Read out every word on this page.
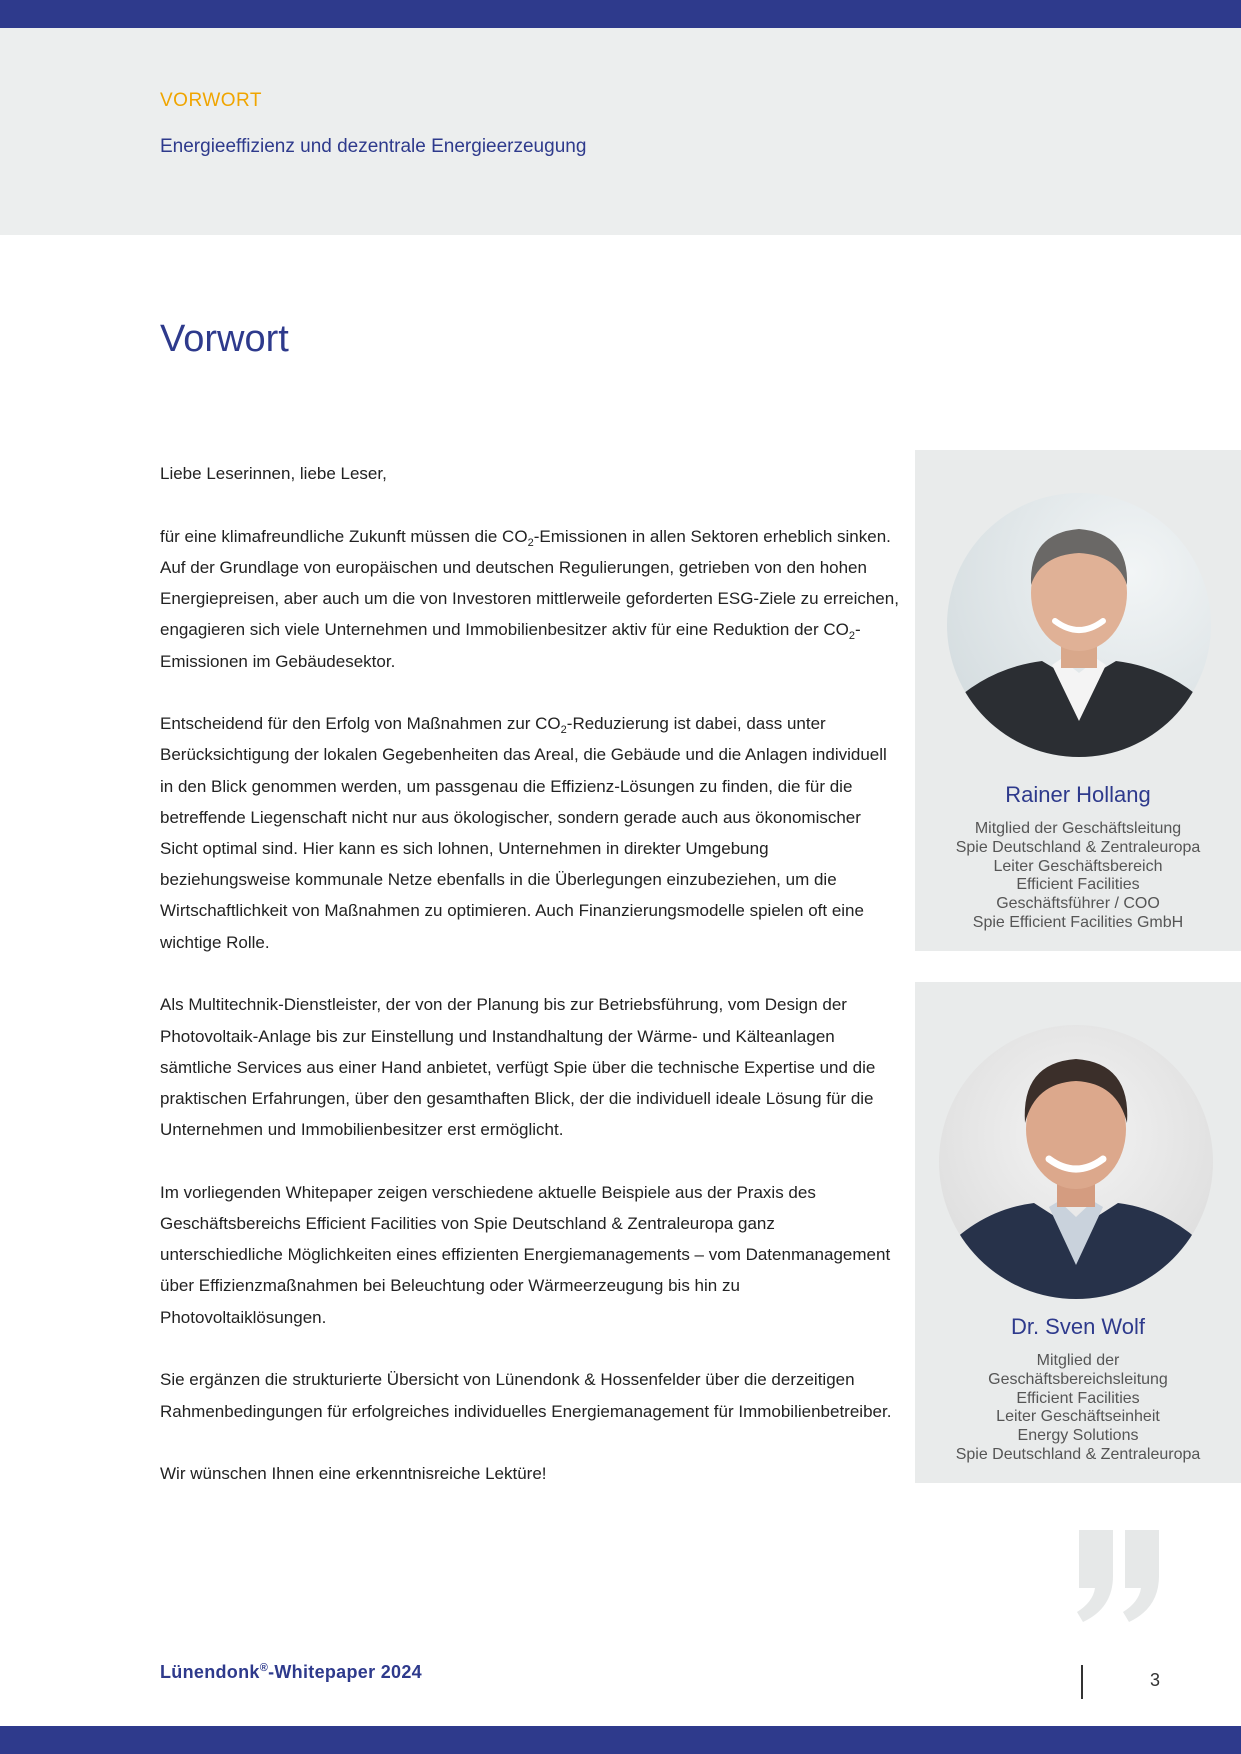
VORWORT
Energieeffizienz und dezentrale Energieerzeugung
Vorwort

Liebe Leserinnen, liebe Leser,

für eine klimafreundliche Zukunft müssen die $CO_2$-Emissionen in allen Sektoren erheblich sinken. Auf der Grundlage von europäischen und deutschen Regulierungen, getrieben von den hohen Energiepreisen, aber auch um die von Investoren mittlerweile geforderten ESG-Ziele zu erreichen, engagieren sich viele Unternehmen und Immobilienbesitzer aktiv für eine Reduktion der $CO_2$-Emissionen im Gebäudesektor.

Entscheidend für den Erfolg von Maßnahmen zur $CO_2$-Reduzierung ist dabei, dass unter Berücksichtigung der lokalen Gegebenheiten das Areal, die Gebäude und die Anlagen individuell in den Blick genommen werden, um passgenau die Effizienz-Lösungen zu finden, die für die betreffende Liegenschaft nicht nur aus ökologischer, sondern gerade auch aus ökonomischer Sicht optimal sind. Hier kann es sich lohnen, Unternehmen in direkter Umgebung beziehungsweise kommunale Netze ebenfalls in die Überlegungen einzubeziehen, um die Wirtschaftlichkeit von Maßnahmen zu optimieren. Auch Finanzierungsmodelle spielen oft eine wichtige Rolle.

Als Multitechnik-Dienstleister, der von der Planung bis zur Betriebsführung, vom Design der Photovoltaik-Anlage bis zur Einstellung und Instandhaltung der Wärme- und Kälteanlagen sämtliche Services aus einer Hand anbietet, verfügt Spie über die technische Expertise und die praktischen Erfahrungen, über den gesamthaften Blick, der die individuell ideale Lösung für die Unternehmen und Immobilienbesitzer erst ermöglicht.

Im vorliegenden Whitepaper zeigen verschiedene aktuelle Beispiele aus der Praxis des Geschäftsbereichs Efficient Facilities von Spie Deutschland & Zentraleuropa ganz unterschiedliche Möglichkeiten eines effizienten Energiemanagements – vom Datenmanagement über Effizienzmaßnahmen bei Beleuchtung oder Wärmeerzeugung bis hin zu Photovoltaiklösungen.

Sie ergänzen die strukturierte Übersicht von Lünendonk & Hossenfelder über die derzeitigen Rahmenbedingungen für erfolgreiches individuelles Energiemanagement für Immobilienbetreiber.

Wir wünschen Ihnen eine erkenntnisreiche Lektüre!

Rainer Hollang
Mitglied der Geschäftsleitung
Spie Deutschland & Zentraleuropa
Leiter Geschäftsbereich
Efficient Facilities
Geschäftsführer / COO
Spie Efficient Facilities GmbH
Dr. Sven Wolf
Mitglied der
Geschäftsbereichsleitung
Efficient Facilities
Leiter Geschäftseinheit
Energy Solutions
Spie Deutschland & Zentraleuropa
Lünendonk®-Whitepaper 2024	3
